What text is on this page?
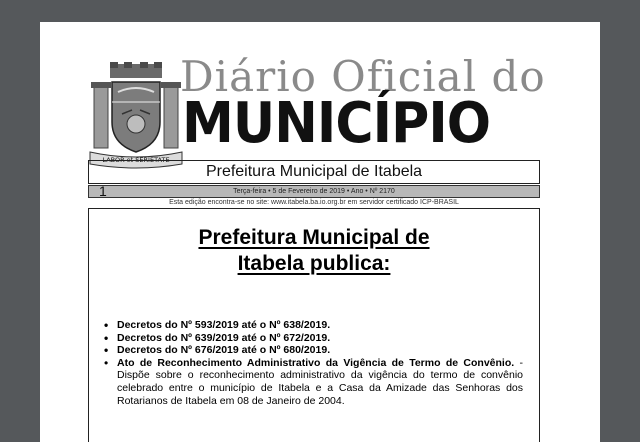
LABOR et SERIETATE
Diário Oficial do
MUNICÍPIO
Prefeitura Municipal de Itabela
1	Terça-feira • 5 de Fevereiro de 2019 • Ano • Nº 2170
Esta edição encontra-se no site: www.itabela.ba.io.org.br em servidor certificado ICP-BRASIL
Prefeitura Municipal de
Itabela publica:
• Decretos do Nº 593/2019 até o Nº 638/2019.
• Decretos do Nº 639/2019 até o Nº 672/2019.
• Decretos do Nº 676/2019 até o Nº 680/2019.
• Ato de Reconhecimento Administrativo da Vigência de Termo de Convênio. - Dispõe sobre o reconhecimento administrativo da vigência do termo de convênio celebrado entre o município de Itabela e a Casa da Amizade das Senhoras dos Rotarianos de Itabela em 08 de Janeiro de 2004.
